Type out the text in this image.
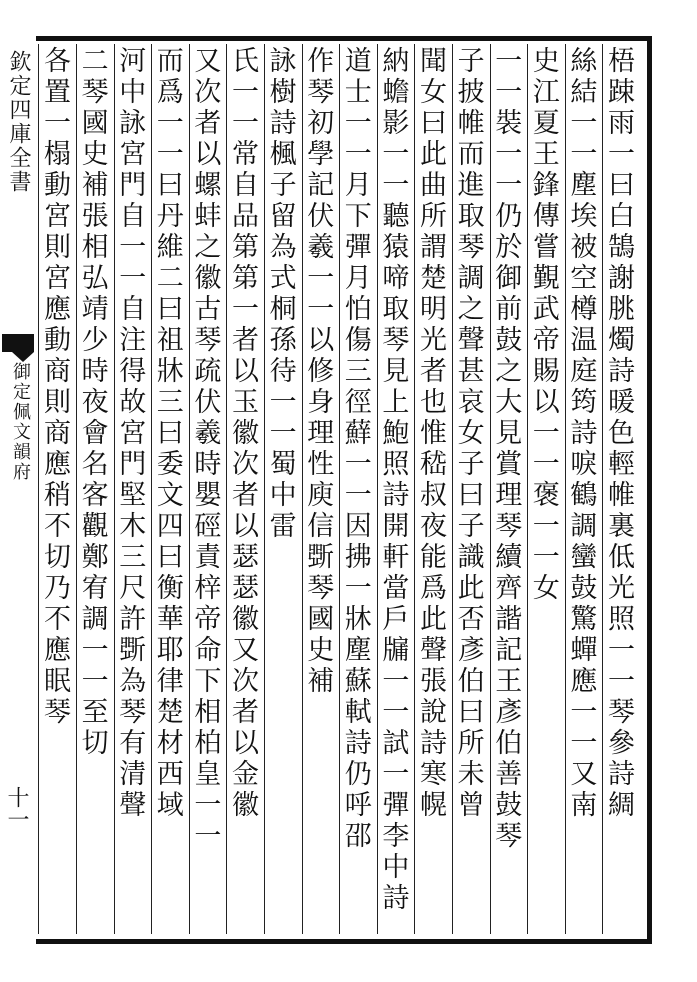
欽定四庫全書
御定佩文韻府
十一	梧踈雨一曰白鵠謝朓燭詩暖色輕帷裏低光照一一琴參詩綢
絲結一一塵埃被空樽温庭筠詩唳鶴調蠻鼓驚蟬應一一又南
史江夏王鋒傳嘗覲武帝賜以一一褒一一女
一一裝一一仍於御前鼓之大見賞理琴續齊諧記王彥伯善鼓琴
子披帷而進取琴調之聲甚哀女子曰子識此否彥伯曰所未曾
聞女曰此曲所謂楚明光者也惟嵇叔夜能爲此聲張說詩寒幌
納蟾影一一聽猿啼取琴見上鮑照詩開軒當戶牖一一試一彈李中詩
道士一一月下彈月怕傷三徑蘚一一因拂一牀塵蘇軾詩仍呼邵
作琴初學記伏羲一一以修身理性庾信斲琴國史補
詠樹詩楓子留為式桐孫待一一蜀中雷
氏一一常自品第第一者以玉徽次者以瑟瑟徽又次者以金徽
又次者以螺蚌之徽古琴疏伏羲時嬰硜責梓帝命下相柏皇一一
而爲一一曰丹維二曰祖牀三曰委文四曰衡華耶律楚材西域
河中詠宮門自一一自注得故宮門堅木三尺許斲為琴有清聲
二琴國史補張相弘靖少時夜會名客觀鄭宥調一一至切
各置一榻動宮則宮應動商則商應稍不切乃不應眠琴
